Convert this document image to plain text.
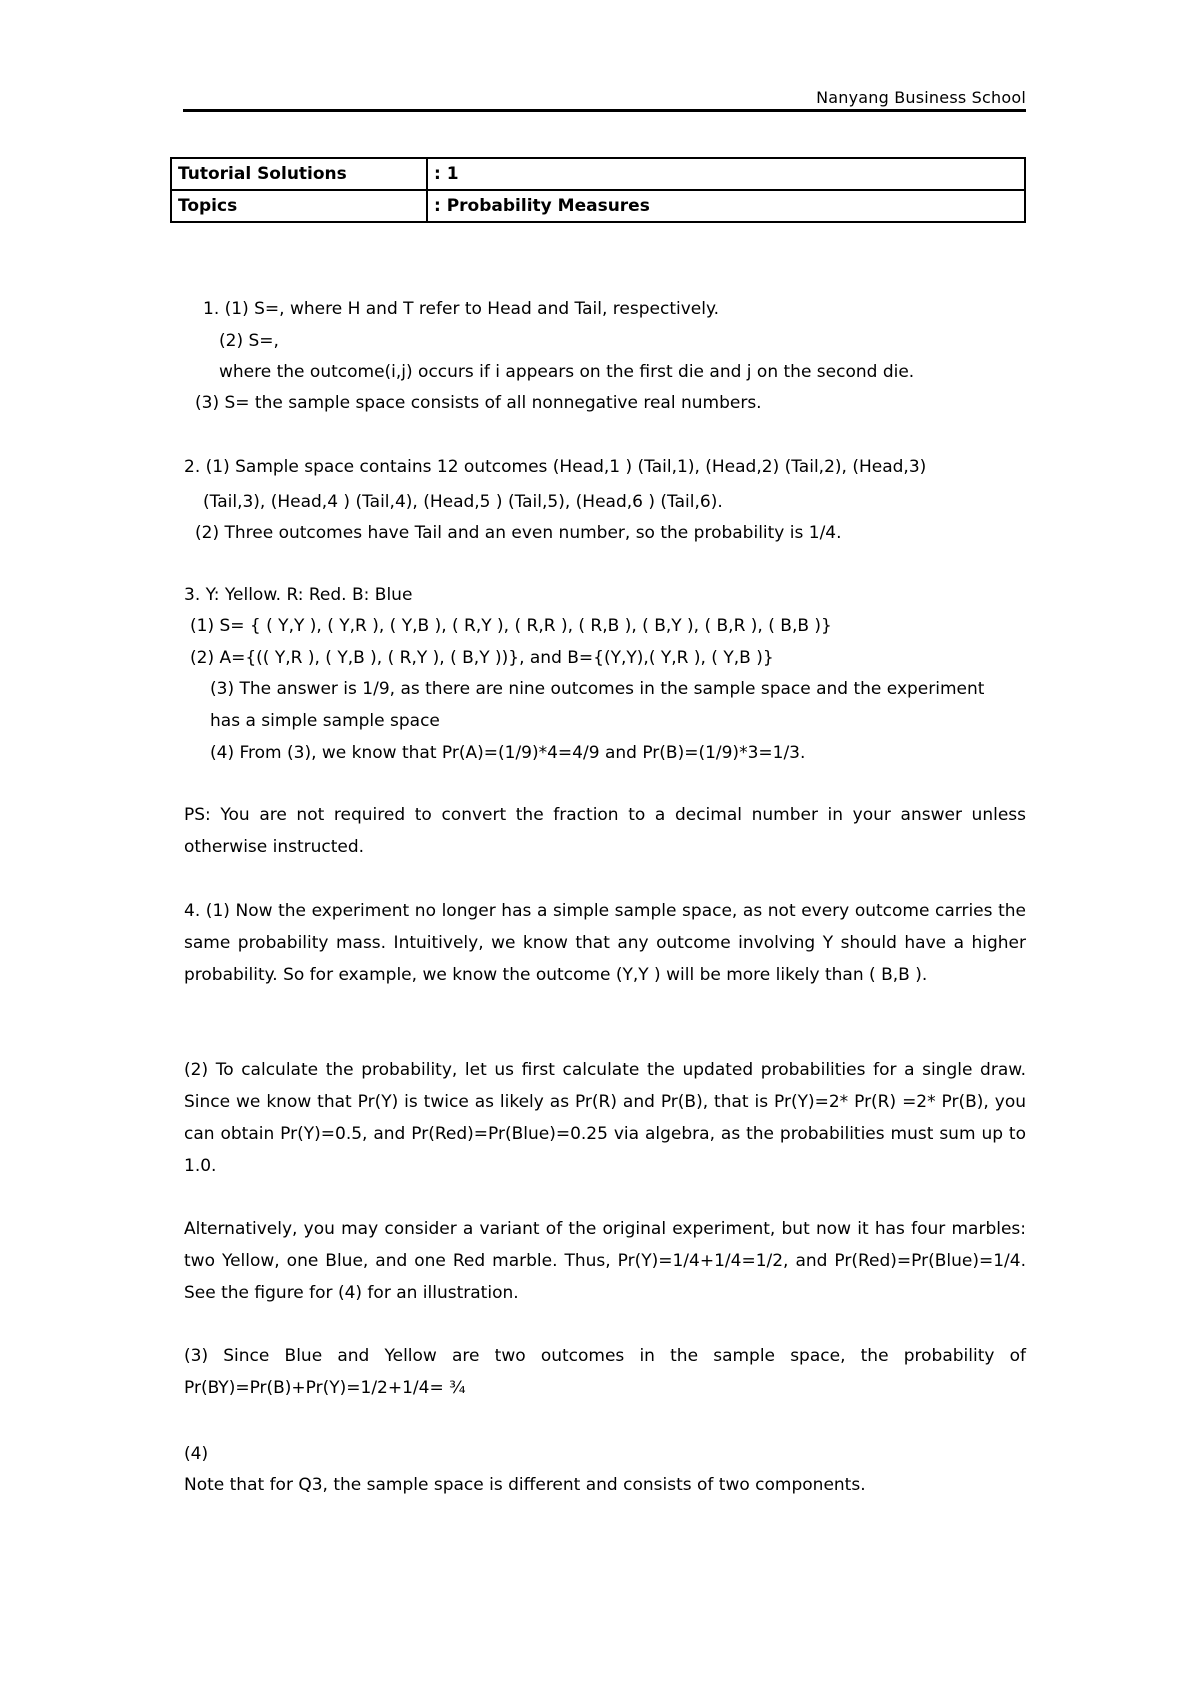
Nanyang Business School
Tutorial Solutions	: 1
Topics	: Probability Measures
1. (1) S=, where H and T refer to Head and Tail, respectively.
(2) S=,
where the outcome(i,j) occurs if i appears on the first die and j on the second die.
(3) S= the sample space consists of all nonnegative real numbers.
2. (1) Sample space contains 12 outcomes (Head,1 ) (Tail,1), (Head,2) (Tail,2), (Head,3)
(Tail,3), (Head,4 ) (Tail,4), (Head,5 ) (Tail,5), (Head,6 ) (Tail,6).
(2) Three outcomes have Tail and an even number, so the probability is 1/4.
3. Y: Yellow. R: Red. B: Blue
(1) S= { ( Y,Y ), ( Y,R ), ( Y,B ), ( R,Y ), ( R,R ), ( R,B ), ( B,Y ), ( B,R ), ( B,B )}
(2) A={(( Y,R ), ( Y,B ), ( R,Y ), ( B,Y ))}, and B={(Y,Y),( Y,R ), ( Y,B )}
(3) The answer is 1/9, as there are nine outcomes in the sample space and the experiment
has a simple sample space
(4) From (3), we know that Pr(A)=(1/9)*4=4/9 and Pr(B)=(1/9)*3=1/3.
PS: You are not required to convert the fraction to a decimal number in your answer unless otherwise instructed.
4. (1) Now the experiment no longer has a simple sample space, as not every outcome carries the same probability mass. Intuitively, we know that any outcome involving Y should have a higher probability. So for example, we know the outcome (Y,Y ) will be more likely than ( B,B ).
(2) To calculate the probability, let us first calculate the updated probabilities for a single draw. Since we know that Pr(Y) is twice as likely as Pr(R) and Pr(B), that is Pr(Y)=2* Pr(R) =2* Pr(B), you can obtain Pr(Y)=0.5, and Pr(Red)=Pr(Blue)=0.25 via algebra, as the probabilities must sum up to 1.0.
Alternatively, you may consider a variant of the original experiment, but now it has four marbles: two Yellow, one Blue, and one Red marble. Thus, Pr(Y)=1/4+1/4=1/2, and Pr(Red)=Pr(Blue)=1/4. See the figure for (4) for an illustration.
(3) Since Blue and Yellow are two outcomes in the sample space, the probability of Pr(BY)=Pr(B)+Pr(Y)=1/2+1/4= ¾
(4)
Note that for Q3, the sample space is different and consists of two components.
